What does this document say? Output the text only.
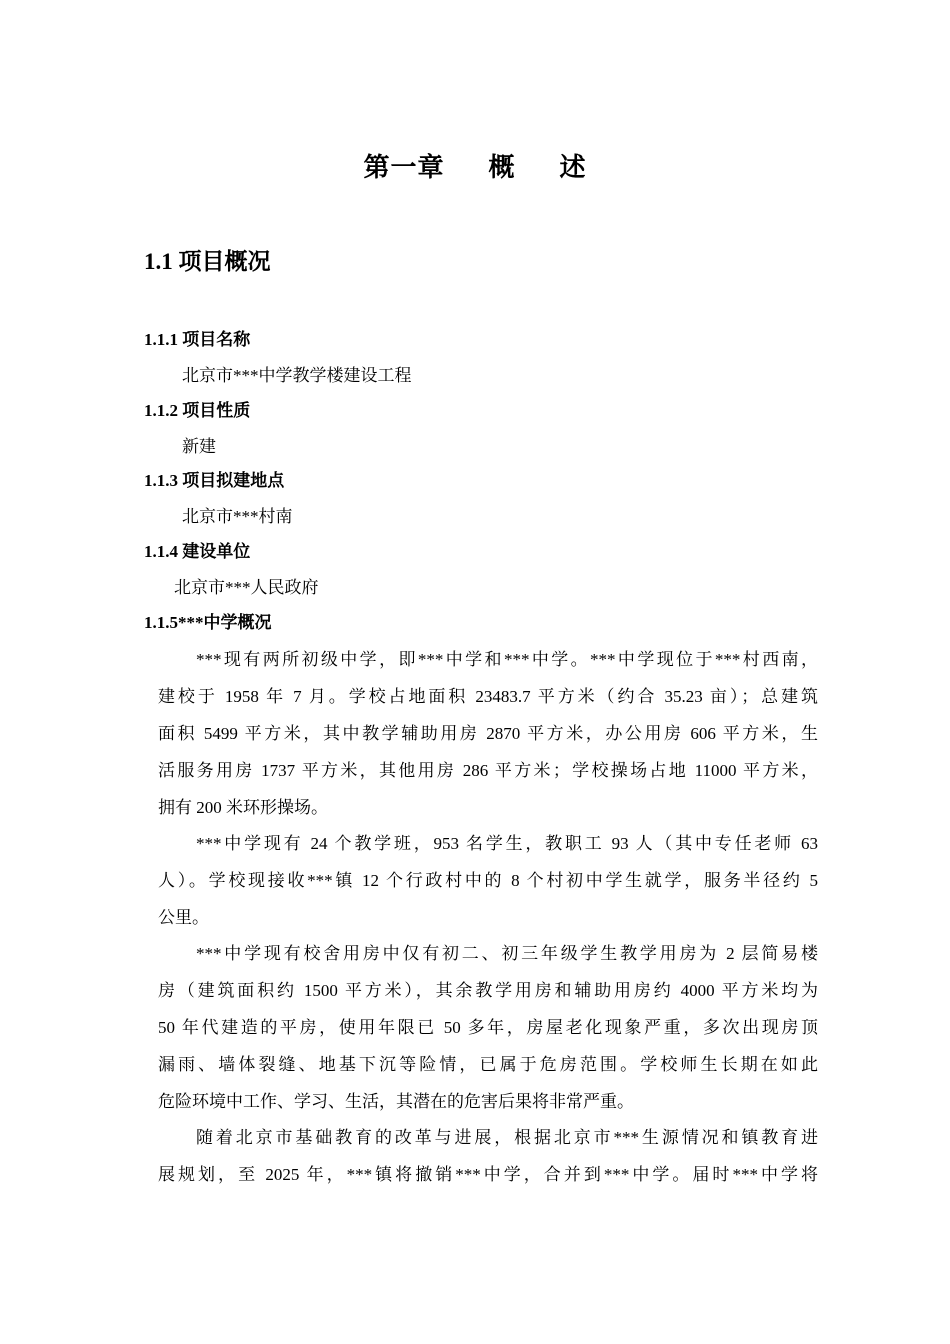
第一章 概 述
1.1 项目概况
1.1.1 项目名称
北京市***中学教学楼建设工程
1.1.2 项目性质
新建
1.1.3 项目拟建地点
北京市***村南
1.1.4 建设单位
北京市***人民政府
1.1.5***中学概况
***现有两所初级中学，即***中学和***中学。***中学现位于***村西南，
建校于 1958 年 7 月。学校占地面积 23483.7 平方米（约合 35.23 亩）；总建筑
面积 5499 平方米，其中教学辅助用房 2870 平方米，办公用房 606 平方米，生
活服务用房 1737 平方米，其他用房 286 平方米；学校操场占地 11000 平方米，
拥有 200 米环形操场。
***中学现有 24 个教学班，953 名学生，教职工 93 人（其中专任老师 63
人）。学校现接收***镇 12 个行政村中的 8 个村初中学生就学，服务半径约 5
公里。
***中学现有校舍用房中仅有初二、初三年级学生教学用房为 2 层简易楼
房（建筑面积约 1500 平方米），其余教学用房和辅助用房约 4000 平方米均为
50 年代建造的平房，使用年限已 50 多年，房屋老化现象严重，多次出现房顶
漏雨、墙体裂缝、地基下沉等险情，已属于危房范围。学校师生长期在如此
危险环境中工作、学习、生活，其潜在的危害后果将非常严重。
随着北京市基础教育的改革与进展，根据北京市***生源情况和镇教育进
展规划，至 2025 年，***镇将撤销***中学，合并到***中学。届时***中学将
